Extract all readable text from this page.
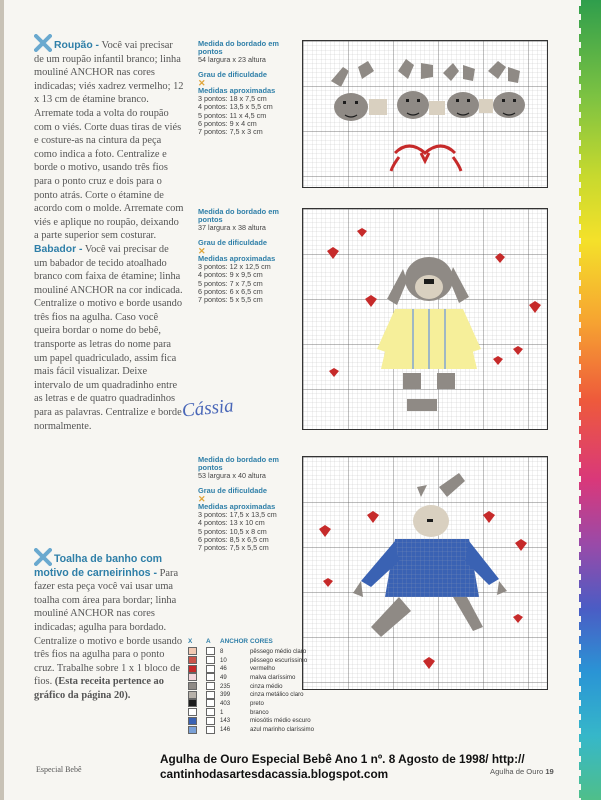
Roupão - Você vai precisar de um roupão infantil branco; linha mouliné ANCHOR nas cores indicadas; viés xadrez vermelho; 12 x 13 cm de étamine branco. Arremate toda a volta do roupão com o viés. Corte duas tiras de viés e costure-as na cintura da peça como indica a foto. Centralize e borde o motivo, usando três fios para o ponto cruz e dois para o ponto atrás. Corte o étamine de acordo com o molde. Arremate com viés e aplique no roupão, deixando a parte superior sem costurar.

Babador - Você vai precisar de um babador de tecido atoalhado branco com faixa de étamine; linha mouliné ANCHOR na cor indicada. Centralize o motivo e borde usando três fios na agulha. Caso você queira bordar o nome do bebê, transporte as letras do nome para um papel quadriculado, assim fica mais fácil visualizar. Deixe intervalo de um quadradinho entre as letras e de quatro quadradinhos para as palavras. Centralize e borde normalmente.

Toalha de banho com motivo de carneirinhos - Para fazer esta peça você vai usar uma toalha com área para bordar; linha mouliné ANCHOR nas cores indicadas; agulha para bordado. Centralize o motivo e borde usando três fios na agulha para o ponto cruz. Trabalhe sobre 1 x 1 bloco de fios. (Esta receita pertence ao gráfico da página 20).

Medida do bordado em pontos
54 largura x 23 altura
Grau de dificuldade
✕
Medidas aproximadas
3 pontos: 18 x 7,5 cm
4 pontos: 13,5 x 5,5 cm
5 pontos: 11 x 4,5 cm
6 pontos: 9 x 4 cm
7 pontos: 7,5 x 3 cm
Medida do bordado em pontos
37 largura x 38 altura
Grau de dificuldade
✕
Medidas aproximadas
3 pontos: 12 x 12,5 cm
4 pontos: 9 x 9,5 cm
5 pontos: 7 x 7,5 cm
6 pontos: 6 x 6,5 cm
7 pontos: 5 x 5,5 cm
Medida do bordado em pontos
53 largura x 40 altura
Grau de dificuldade
✕
Medidas aproximadas
3 pontos: 17,5 x 13,5 cm
4 pontos: 13 x 10 cm
5 pontos: 10,5 x 8 cm
6 pontos: 8,5 x 6,5 cm
7 pontos: 7,5 x 5,5 cm
Cássia
X	A	ANCHOR	CORES
		8	pêssego médio claro
		10	pêssego escuríssimo
		46	vermelho
		49	malva claríssimo
		235	cinza médio
		399	cinza metálico claro
		403	preto
		1	branco
		143	miosótis médio escuro
		146	azul marinho claríssimo
Agulha de Ouro Especial Bebê Ano 1 nº. 8 Agosto de 1998/ http:// cantinhodasartesdacassia.blogspot.com
Especial Bebê	Agulha de Ouro 19
